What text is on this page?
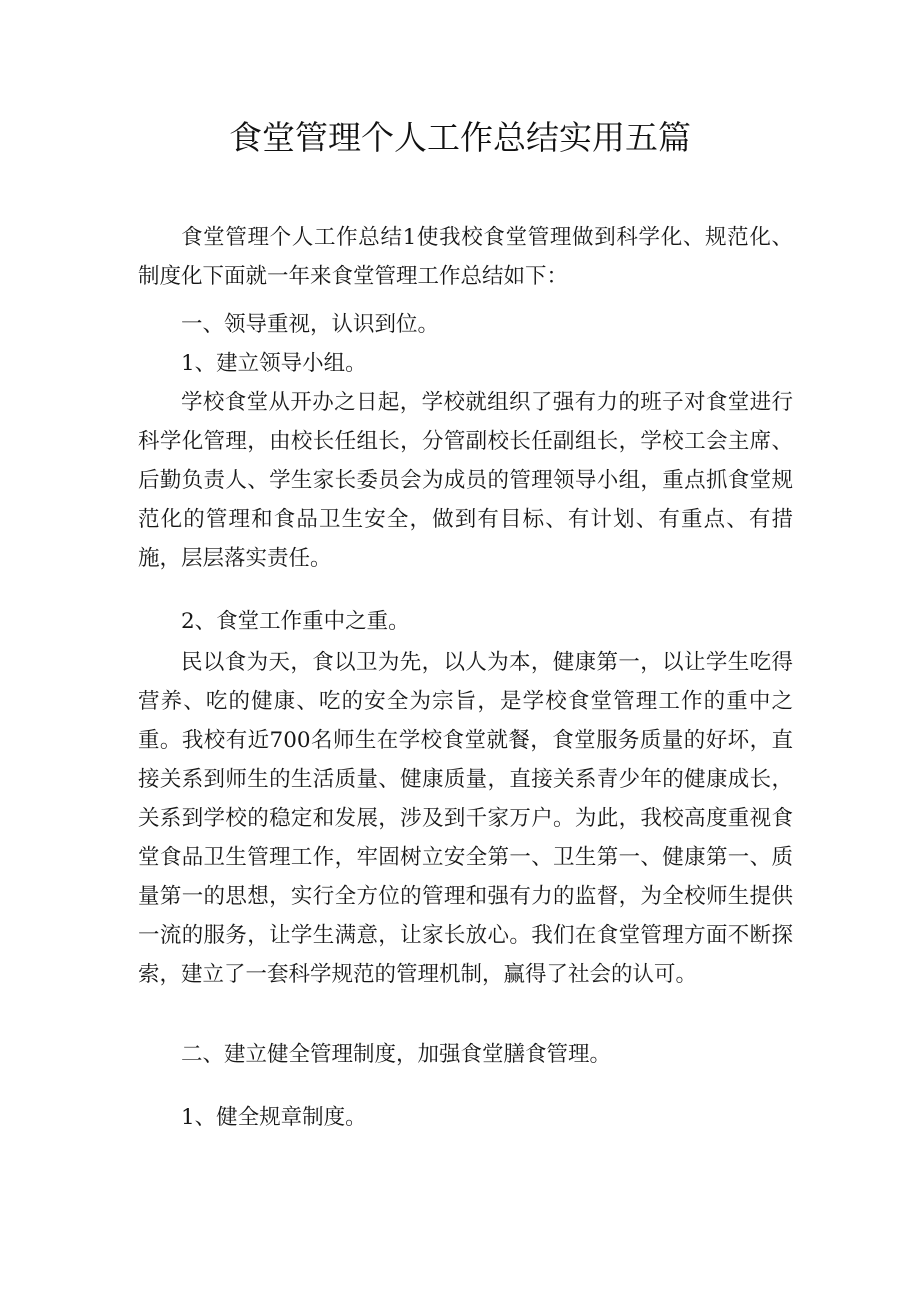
食堂管理个人工作总结实用五篇

食堂管理个人工作总结1使我校食堂管理做到科学化、规范化、制度化下面就一年来食堂管理工作总结如下：

一、领导重视，认识到位。

1、建立领导小组。

学校食堂从开办之日起，学校就组织了强有力的班子对食堂进行科学化管理，由校长任组长，分管副校长任副组长，学校工会主席、后勤负责人、学生家长委员会为成员的管理领导小组，重点抓食堂规范化的管理和食品卫生安全，做到有目标、有计划、有重点、有措施，层层落实责任。

2、食堂工作重中之重。

民以食为天，食以卫为先，以人为本，健康第一，以让学生吃得营养、吃的健康、吃的安全为宗旨，是学校食堂管理工作的重中之重。我校有近700名师生在学校食堂就餐，食堂服务质量的好坏，直接关系到师生的生活质量、健康质量，直接关系青少年的健康成长，关系到学校的稳定和发展，涉及到千家万户。为此，我校高度重视食堂食品卫生管理工作，牢固树立安全第一、卫生第一、健康第一、质量第一的思想，实行全方位的管理和强有力的监督，为全校师生提供一流的服务，让学生满意，让家长放心。我们在食堂管理方面不断探索，建立了一套科学规范的管理机制，赢得了社会的认可。

二、建立健全管理制度，加强食堂膳食管理。

1、健全规章制度。
